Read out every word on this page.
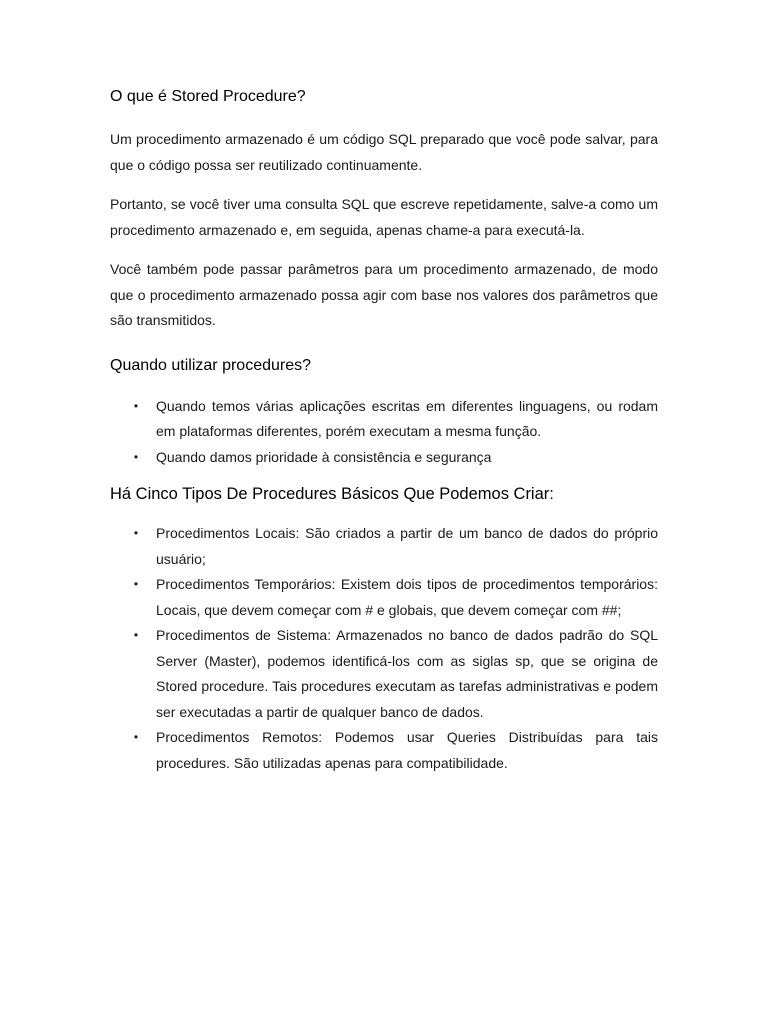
O que é Stored Procedure?

Um procedimento armazenado é um código SQL preparado que você pode salvar, para que o código possa ser reutilizado continuamente.

Portanto, se você tiver uma consulta SQL que escreve repetidamente, salve-a como um procedimento armazenado e, em seguida, apenas chame-a para executá-la.

Você também pode passar parâmetros para um procedimento armazenado, de modo que o procedimento armazenado possa agir com base nos valores dos parâmetros que são transmitidos.

Quando utilizar procedures?
• Quando temos várias aplicações escritas em diferentes linguagens, ou rodam em plataformas diferentes, porém executam a mesma função.
• Quando damos prioridade à consistência e segurança
Há Cinco Tipos De Procedures Básicos Que Podemos Criar:
• Procedimentos Locais: São criados a partir de um banco de dados do próprio usuário;
• Procedimentos Temporários: Existem dois tipos de procedimentos temporários: Locais, que devem começar com # e globais, que devem começar com ##;
• Procedimentos de Sistema: Armazenados no banco de dados padrão do SQL Server (Master), podemos identificá-los com as siglas sp, que se origina de Stored procedure. Tais procedures executam as tarefas administrativas e podem ser executadas a partir de qualquer banco de dados.
• Procedimentos Remotos: Podemos usar Queries Distribuídas para tais procedures. São utilizadas apenas para compatibilidade.
